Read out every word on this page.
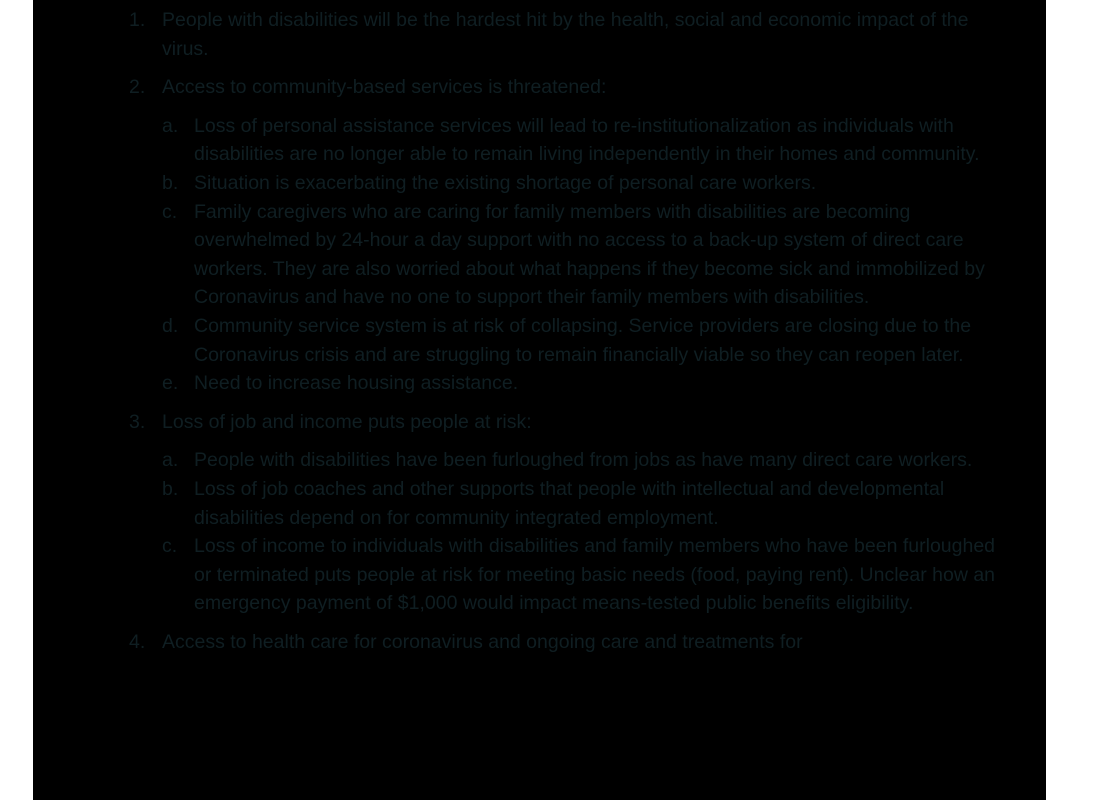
1. People with disabilities will be the hardest hit by the health, social and economic impact of the virus.
2. Access to community-based services is threatened:
a. Loss of personal assistance services will lead to re-institutionalization as individuals with disabilities are no longer able to remain living independently in their homes and community.
b. Situation is exacerbating the existing shortage of personal care workers.
c. Family caregivers who are caring for family members with disabilities are becoming overwhelmed by 24-hour a day support with no access to a back-up system of direct care workers. They are also worried about what happens if they become sick and immobilized by Coronavirus and have no one to support their family members with disabilities.
d. Community service system is at risk of collapsing. Service providers are closing due to the Coronavirus crisis and are struggling to remain financially viable so they can reopen later.
e. Need to increase housing assistance.
3. Loss of job and income puts people at risk:
a. People with disabilities have been furloughed from jobs as have many direct care workers.
b. Loss of job coaches and other supports that people with intellectual and developmental disabilities depend on for community integrated employment.
c. Loss of income to individuals with disabilities and family members who have been furloughed or terminated puts people at risk for meeting basic needs (food, paying rent). Unclear how an emergency payment of $1,000 would impact means-tested public benefits eligibility.
4. Access to health care for coronavirus and ongoing care and treatments for
